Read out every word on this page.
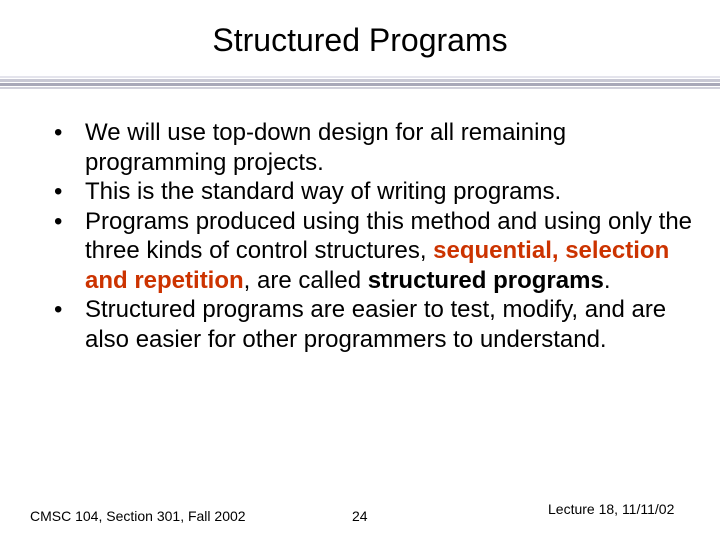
Structured Programs
• We will use top-down design for all remaining programming projects.
• This is the standard way of writing programs.
• Programs produced using this method and using only the three kinds of control structures, sequential, selection and repetition, are called structured programs.
• Structured programs are easier to test, modify, and are also easier for other programmers to understand.
CMSC 104, Section 301, Fall 2002	24	Lecture 18, 11/11/02
